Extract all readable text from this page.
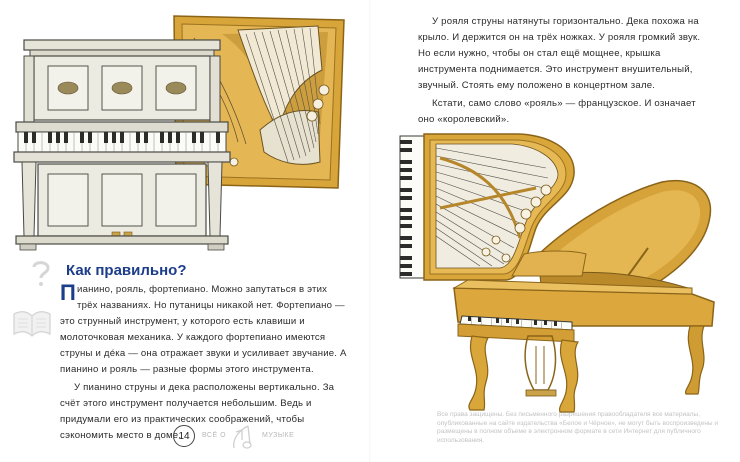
Как правильно?

Пианино, рояль, фортепиано. Можно запутаться в этих трёх названиях. Но путаницы никакой нет. Фортепиано — это струнный инструмент, у которого есть клавиши и молоточковая механика. У каждого фортепиано имеются струны и дéка — она отражает звуки и усиливает звучание. А пианино и рояль — разные формы этого инструмента.

У пианино струны и дека расположены вертикально. За счёт этого инструмент получается небольшим. Ведь и придумали его из практических соображений, чтобы сэкономить место в доме.

14 ВСЁ О	МУЗЫКЕ

У рояля струны натянуты горизонтально. Дека похожа на крыло. И держится он на трёх ножках. У рояля громкий звук. Но если нужно, чтобы он стал ещё мощнее, крышка инструмента поднимается. Это инструмент внушительный, звучный. Стоять ему положено в концертном зале.

Кстати, само слово «рояль» — французское. И означает оно «королевский».

Все права защищены. Без письменного разрешения правообладателя все материалы, опубликованные на сайте издательства «Белое и Чёрное», не могут быть воспроизведены и размещены в полном объеме в электронном формате в сети Интернет для публичного использования.
